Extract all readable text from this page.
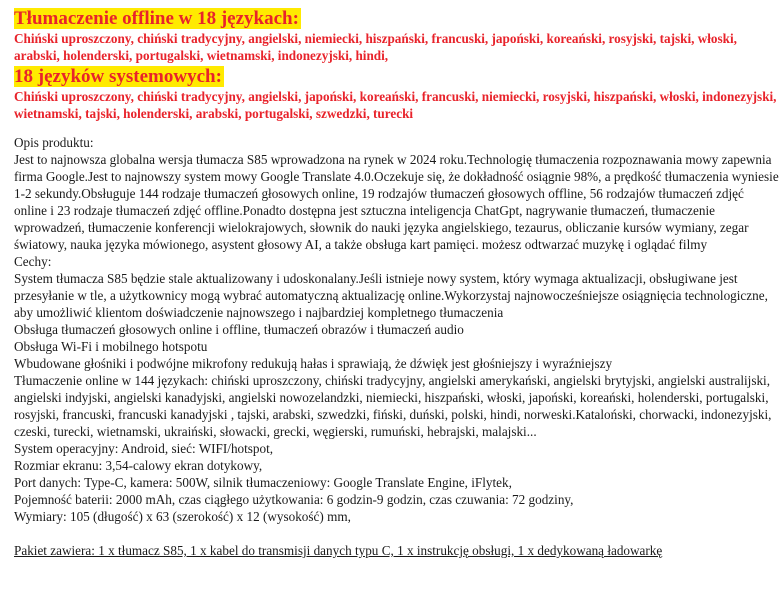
Tłumaczenie offline w 18 językach:

Chiński uproszczony, chiński tradycyjny, angielski, niemiecki, hiszpański, francuski, japoński, koreański, rosyjski, tajski, włoski, arabski, holenderski, portugalski, wietnamski, indonezyjski, hindi,

18 języków systemowych:

Chiński uproszczony, chiński tradycyjny, angielski, japoński, koreański, francuski, niemiecki, rosyjski, hiszpański, włoski, indonezyjski, wietnamski, tajski, holenderski, arabski, portugalski, szwedzki, turecki

Opis produktu:

Jest to najnowsza globalna wersja tłumacza S85 wprowadzona na rynek w 2024 roku.Technologię tłumaczenia rozpoznawania mowy zapewnia firma Google.Jest to najnowszy system mowy Google Translate 4.0.Oczekuje się, że dokładność osiągnie 98%, a prędkość tłumaczenia wyniesie 1-2 sekundy.Obsługuje 144 rodzaje tłumaczeń głosowych online, 19 rodzajów tłumaczeń głosowych offline, 56 rodzajów tłumaczeń zdjęć online i 23 rodzaje tłumaczeń zdjęć offline.Ponadto dostępna jest sztuczna inteligencja ChatGpt, nagrywanie tłumaczeń, tłumaczenie wprowadzeń, tłumaczenie konferencji wielokrajowych, słownik do nauki języka angielskiego, tezaurus, obliczanie kursów wymiany, zegar światowy, nauka języka mówionego, asystent głosowy AI, a także obsługa kart pamięci. możesz odtwarzać muzykę i oglądać filmy

Cechy:

System tłumacza S85 będzie stale aktualizowany i udoskonalany.Jeśli istnieje nowy system, który wymaga aktualizacji, obsługiwane jest przesyłanie w tle, a użytkownicy mogą wybrać automatyczną aktualizację online.Wykorzystaj najnowocześniejsze osiągnięcia technologiczne, aby umożliwić klientom doświadczenie najnowszego i najbardziej kompletnego tłumaczenia

Obsługa tłumaczeń głosowych online i offline, tłumaczeń obrazów i tłumaczeń audio

Obsługa Wi-Fi i mobilnego hotspotu

Wbudowane głośniki i podwójne mikrofony redukują hałas i sprawiają, że dźwięk jest głośniejszy i wyraźniejszy

Tłumaczenie online w 144 językach: chiński uproszczony, chiński tradycyjny, angielski amerykański, angielski brytyjski, angielski australijski, angielski indyjski, angielski kanadyjski, angielski nowozelandzki, niemiecki, hiszpański, włoski, japoński, koreański, holenderski, portugalski, rosyjski, francuski, francuski kanadyjski , tajski, arabski, szwedzki, fiński, duński, polski, hindi, norweski.Kataloński, chorwacki, indonezyjski, czeski, turecki, wietnamski, ukraiński, słowacki, grecki, węgierski, rumuński, hebrajski, malajski...

System operacyjny: Android, sieć: WIFI/hotspot,

Rozmiar ekranu: 3,54-calowy ekran dotykowy,

Port danych: Type-C, kamera: 500W, silnik tłumaczeniowy: Google Translate Engine, iFlytek,

Pojemność baterii: 2000 mAh, czas ciągłego użytkowania: 6 godzin-9 godzin, czas czuwania: 72 godziny,

Wymiary: 105 (długość) x 63 (szerokość) x 12 (wysokość) mm,

Pakiet zawiera: 1 x tłumacz S85, 1 x kabel do transmisji danych typu C, 1 x instrukcję obsługi, 1 x dedykowaną ładowarkę
